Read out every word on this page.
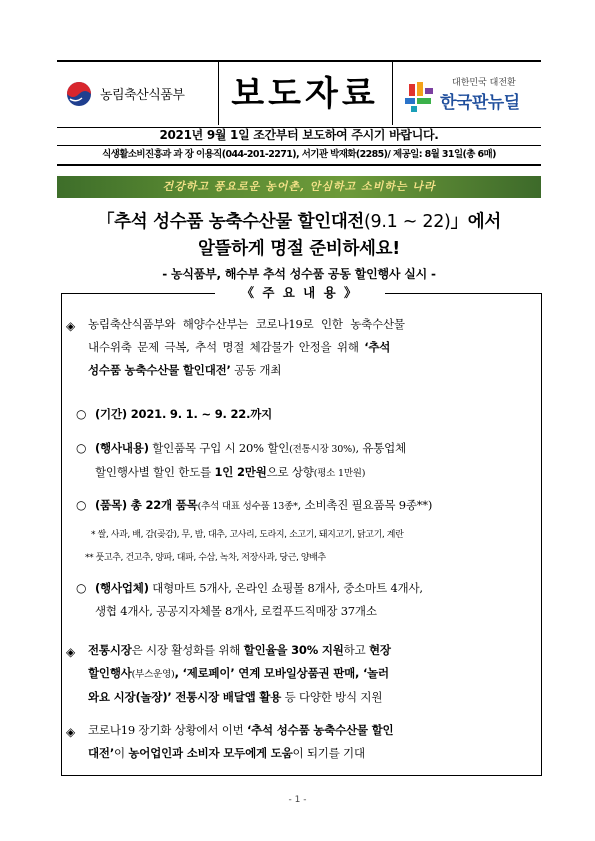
농림축산식품부	보도자료	대한민국 대전환
한국판뉴딜
2021년 9월 1일 조간부터 보도하여 주시기 바랍니다.
식생활소비진흥과 과 장 이용직(044-201-2271), 서기관 박재화(2285)/ 제공일: 8월 31일(총 6매)
건강하고 풍요로운 농어촌, 안심하고 소비하는 나라
「추석 성수품 농축수산물 할인대전(9.1 ~ 22)」에서
알뜰하게 명절 준비하세요!
- 농식품부, 해수부 추석 성수품 공동 할인행사 실시 -
《 주 요 내 용 》
◈ 농림축산식품부와 해양수산부는 코로나19로 인한 농축수산물
내수위축 문제 극복, 추석 명절 체감물가 안정을 위해 ‘추석
성수품 농축수산물 할인대전’ 공동 개최
○ (기간) 2021. 9. 1. ~ 9. 22.까지
○ (행사내용) 할인품목 구입 시 20% 할인(전통시장 30%), 유통업체
할인행사별 할인 한도를 1인 2만원으로 상향(평소 1만원)
○ (품목) 총 22개 품목(추석 대표 성수품 13종*, 소비촉진 필요품목 9종**)
* 쌀, 사과, 배, 감(곶감), 무, 밤, 대추, 고사리, 도라지, 소고기, 돼지고기, 닭고기, 계란
** 풋고추, 건고추, 양파, 대파, 수삼, 녹차, 저장사과, 당근, 양배추
○ (행사업체) 대형마트 5개사, 온라인 쇼핑몰 8개사, 중소마트 4개사,
생협 4개사, 공공지자체몰 8개사, 로컬푸드직매장 37개소
◈ 전통시장은 시장 활성화를 위해 할인율을 30% 지원하고 현장
할인행사(부스운영), ‘제로페이’ 연계 모바일상품권 판매, ‘놀러
와요 시장(놀장)’ 전통시장 배달앱 활용 등 다양한 방식 지원
◈ 코로나19 장기화 상황에서 이번 ‘추석 성수품 농축수산물 할인
대전’이 농어업인과 소비자 모두에게 도움이 되기를 기대
- 1 -
